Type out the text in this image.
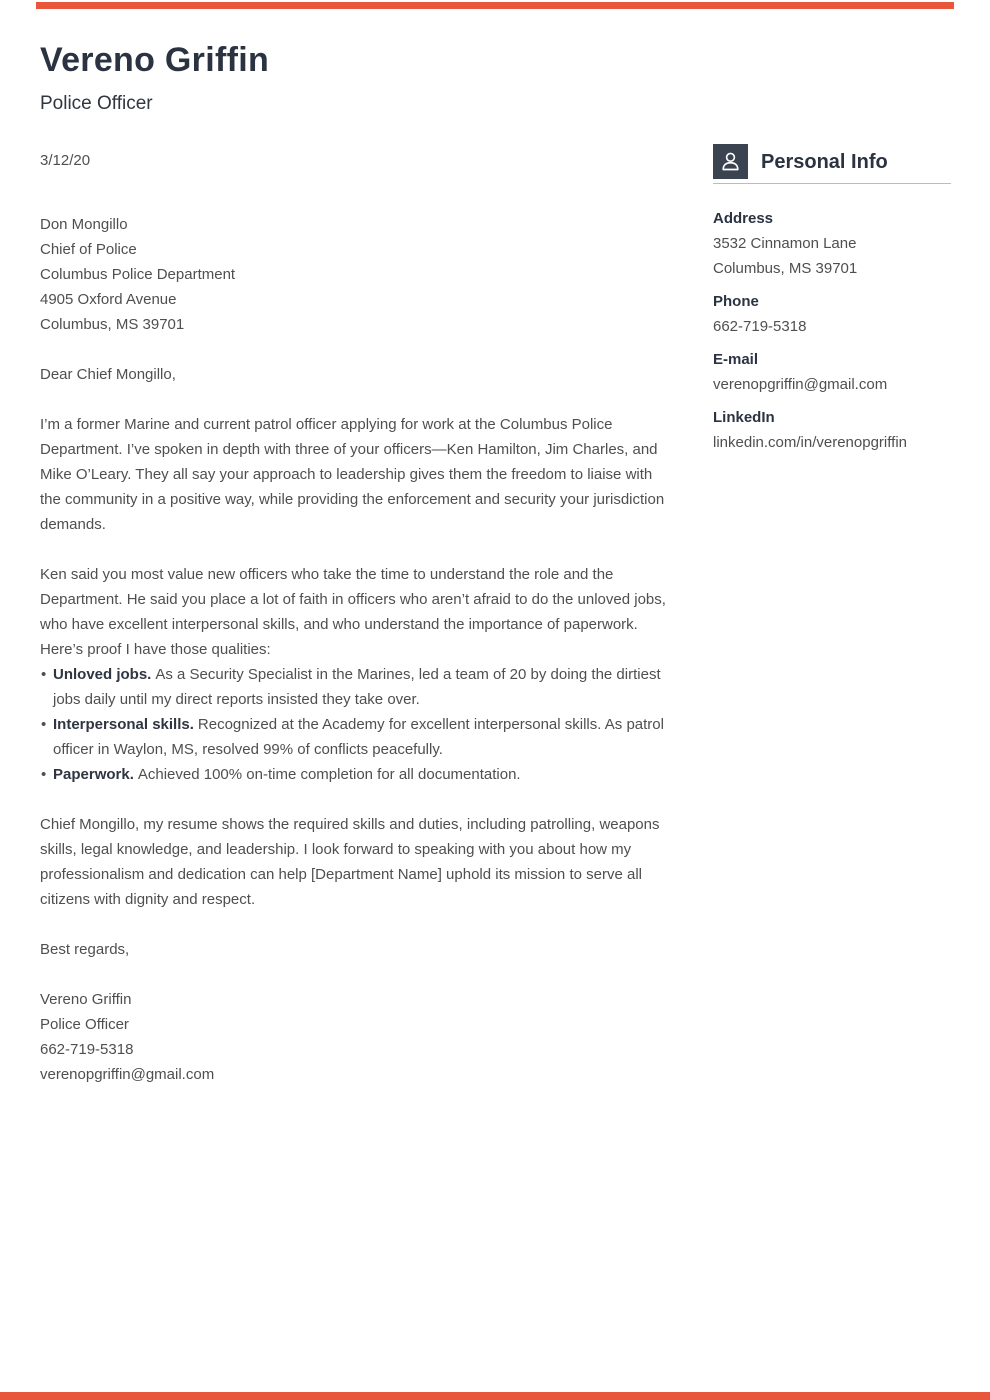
Vereno Griffin
Police Officer
3/12/20
Don Mongillo
Chief of Police
Columbus Police Department
4905 Oxford Avenue
Columbus, MS 39701

Dear Chief Mongillo,

I’m a former Marine and current patrol officer applying for work at the Columbus Police Department. I’ve spoken in depth with three of your officers—Ken Hamilton, Jim Charles, and Mike O’Leary. They all say your approach to leadership gives them the freedom to liaise with the community in a positive way, while providing the enforcement and security your jurisdiction demands.

Ken said you most value new officers who take the time to understand the role and the Department. He said you place a lot of faith in officers who aren’t afraid to do the unloved jobs, who have excellent interpersonal skills, and who understand the importance of paperwork. Here’s proof I have those qualities:

• Unloved jobs. As a Security Specialist in the Marines, led a team of 20 by doing the dirtiest jobs daily until my direct reports insisted they take over.
• Interpersonal skills. Recognized at the Academy for excellent interpersonal skills. As patrol officer in Waylon, MS, resolved 99% of conflicts peacefully.
• Paperwork. Achieved 100% on-time completion for all documentation.

Chief Mongillo, my resume shows the required skills and duties, including patrolling, weapons skills, legal knowledge, and leadership. I look forward to speaking with you about how my professionalism and dedication can help [Department Name] uphold its mission to serve all citizens with dignity and respect.

Best regards,

Vereno Griffin
Police Officer
662-719-5318
verenopgriffin@gmail.com
Personal Info
Address
3532 Cinnamon Lane
Columbus, MS 39701
Phone
662-719-5318
E-mail
verenopgriffin@gmail.com
LinkedIn
linkedin.com/in/verenopgriffin
